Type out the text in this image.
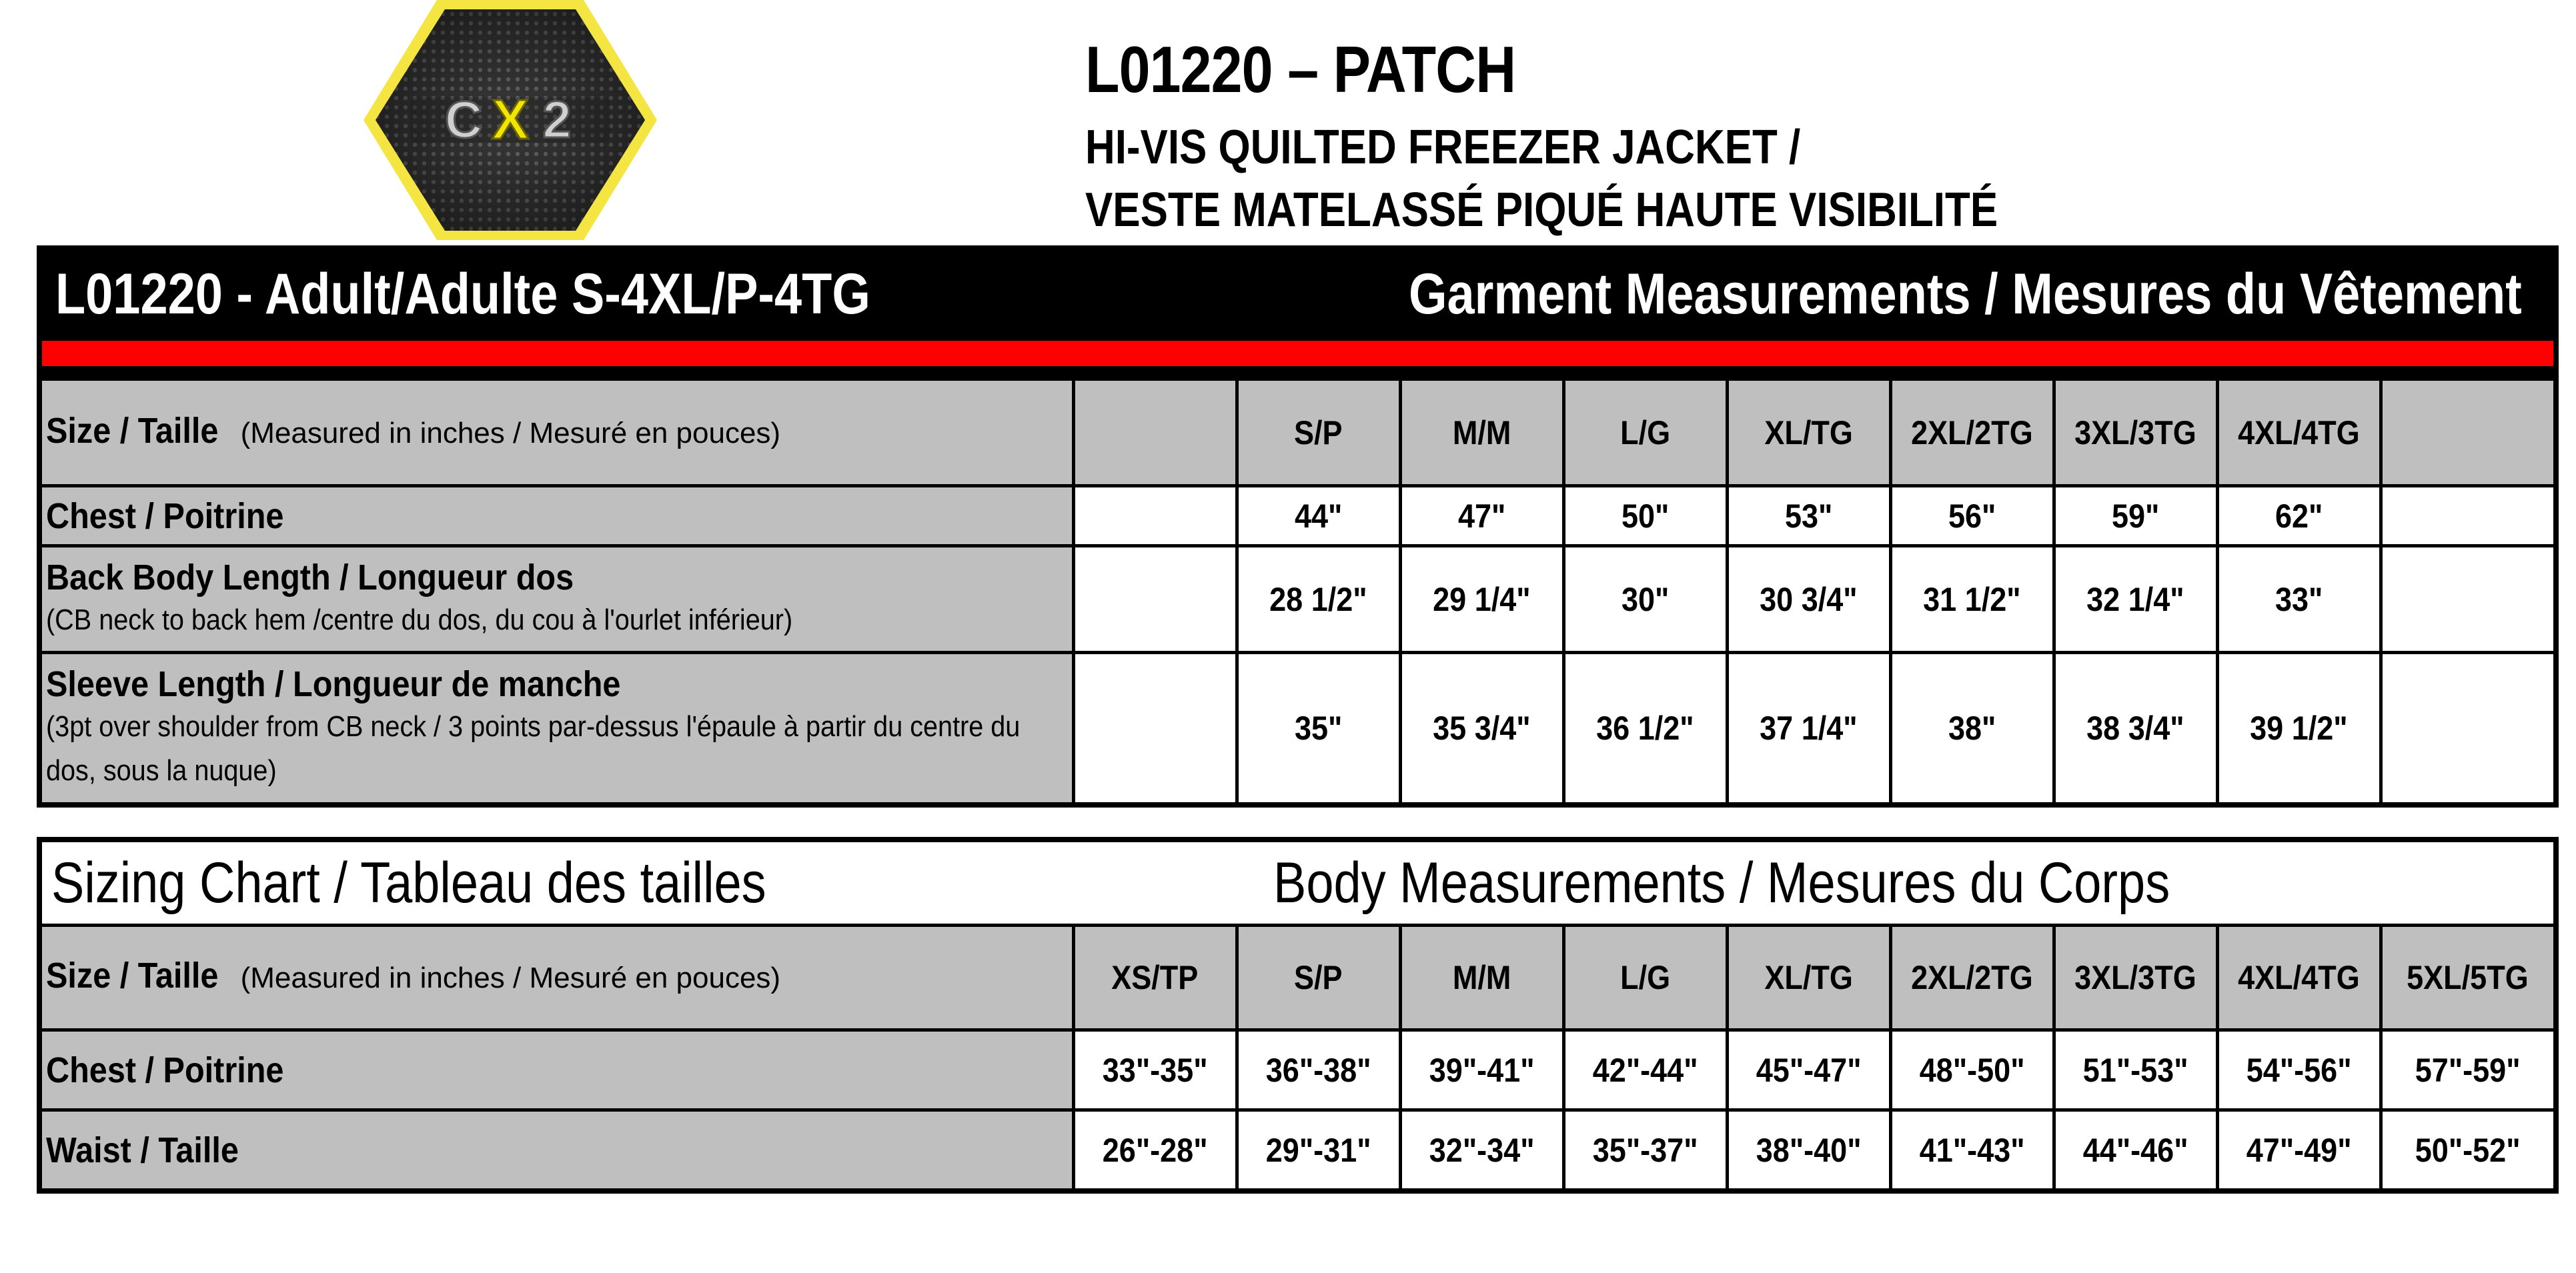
C X 2
L01220 – PATCH
HI-VIS QUILTED FREEZER JACKET /
VESTE MATELASSÉ PIQUÉ HAUTE VISIBILITÉ
L01220 - Adult/Adulte S-4XL/P-4TG			Garment Measurements / Mesures du Vêtement						

Size / Taille (Measured in inches / Mesuré en pouces)		S/P	M/M	L/G	XL/TG	2XL/2TG	3XL/3TG	4XL/4TG	
Chest / Poitrine		44"	47"	50"	53"	56"	59"	62"	
Back Body Length / Longueur dos
(CB neck to back hem /centre du dos, du cou à l'ourlet inférieur)		28 1/2"	29 1/4"	30"	30 3/4"	31 1/2"	32 1/4"	33"	
Sleeve Length / Longueur de manche
(3pt over shoulder from CB neck / 3 points par-dessus l'épaule à partir du centre du dos, sous la nuque)		35"	35 3/4"	36 1/2"	37 1/4"	38"	38 3/4"	39 1/2"	
Sizing Chart / Tableau des tailles	Body Measurements / Mesures du Corps								
Size / Taille (Measured in inches / Mesuré en pouces)	XS/TP	S/P	M/M	L/G	XL/TG	2XL/2TG	3XL/3TG	4XL/4TG	5XL/5TG
Chest / Poitrine	33"-35"	36"-38"	39"-41"	42"-44"	45"-47"	48"-50"	51"-53"	54"-56"	57"-59"
Waist / Taille	26"-28"	29"-31"	32"-34"	35"-37"	38"-40"	41"-43"	44"-46"	47"-49"	50"-52"
